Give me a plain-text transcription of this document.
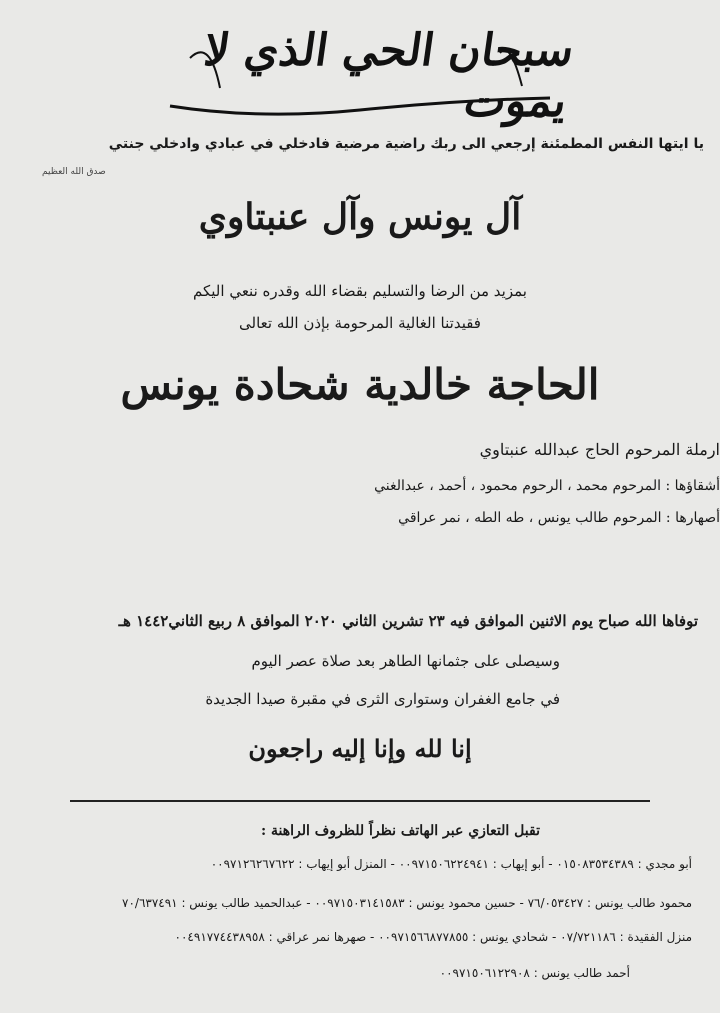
سبحان الحي الذي لا يموت
يا ايتها النفس المطمئنة إرجعي الى ربك راضية مرضية فادخلي في عبادي وادخلي جنتي
صدق الله العظيم
آل يونس وآل عنبتاوي
بمزيد من الرضا والتسليم بقضاء الله وقدره ننعي اليكم
فقيدتنا الغالية المرحومة بإذن الله تعالى
الحاجة خالدية شحادة يونس
ارملة المرحوم الحاج عبدالله عنبتاوي
أشقاؤها : المرحوم محمد ، الرحوم محمود ، أحمد ، عبدالغني
أصهارها : المرحوم طالب يونس ، طه الطه ، نمر عراقي
توفاها الله صباح يوم الاثنين الموافق فيه ٢٣ تشرين الثاني ٢٠٢٠ الموافق ٨ ربيع الثاني١٤٤٢ هـ
وسيصلى على جثمانها الطاهر بعد صلاة عصر اليوم
في جامع الغفران وستوارى الثرى في مقبرة صيدا الجديدة
إنا لله وإنا إليه راجعون
تقبل التعازي عبر الهاتف نظراً للظروف الراهنة :
أبو مجدي : ٠١٥٠٨٣٥٣٤٣٨٩ - أبو إيهاب : ٠٠٩٧١٥٠٦٢٢٤٩٤١ - المنزل أبو إيهاب : ٠٠٩٧١٢٦٢٦٧٦٢٢
محمود طالب يونس : ٧٦/٠٥٣٤٢٧ - حسين محمود يونس : ٠٠٩٧١٥٠٣١٤١٥٨٣ - عبدالحميد طالب يونس : ٧٠/٦٣٧٤٩١
منزل الفقيدة : ٠٧/٧٢١١٨٦ - شحادي يونس : ٠٠٩٧١٥٦٦٨٧٧٨٥٥ - صهرها نمر عراقي : ٠٠٤٩١٧٧٤٤٣٨٩٥٨
أحمد طالب يونس : ٠٠٩٧١٥٠٦١٢٢٩٠٨
